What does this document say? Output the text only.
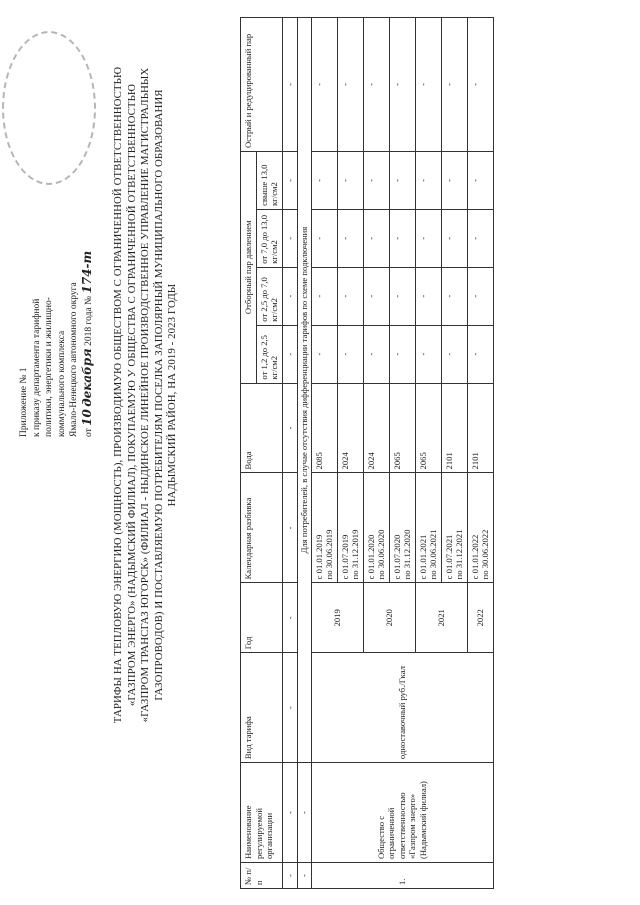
Приложение № 1 к приказу департамента тарифной политики, энергетики и жилищно- коммунального комплекса Ямало-Ненецкого автономного округа от 10 декабря 2018 года № 174-т ТАРИФЫ НА ТЕПЛОВУЮ ЭНЕРГИЮ (МОЩНОСТЬ), ПРОИЗВОДИМУЮ ОБЩЕСТВОМ С ОГРАНИЧЕННОЙ ОТВЕТСТВЕННОСТЬЮ «ГАЗПРОМ ЭНЕРГО» (НАДЫМСКИЙ ФИЛИАЛ), ПОКУПАЕМУЮ У ОБЩЕСТВА С ОГРАНИЧЕННОЙ ОТВЕТСТВЕННОСТЬЮ «ГАЗПРОМ ТРАНСГАЗ ЮГОРСК» (ФИЛИАЛ - НЫДИНСКОЕ ЛИНЕЙНОЕ ПРОИЗВОДСТВЕННОЕ УПРАВЛЕНИЕ МАГИСТРАЛЬНЫХ ГАЗОПРОВОДОВ) И ПОСТАВЛЯЕМУЮ ПОТРЕБИТЕЛЯМ ПОСЕЛКА ЗАПОЛЯРНЫЙ МУНИЦИПАЛЬНОГО ОБРАЗОВАНИЯ НАДЫМСКИЙ РАЙОН, НА 2019 - 2023 ГОДЫ
№ п/п	Наименование регулируемой организации	Вид тарифа	Год	Календарная разбивка	Вода	Отборный пар давлением				Острый и редуцированный пар
						от 1,2 до 2,5 кг/см2	от 2,5 до 7,0 кг/см2	от 7,0 до 13,0 кг/см2	свыше 13,0 кг/см2	
-	-	-	-	-	-	-	-	-	-	-
-	-	Для потребителей, в случае отсутствия дифференциации тарифов по схеме подключения								
1.	Общество с ограниченной ответственностью «Газпром энерго» (Надымский филиал)	одноставочный руб./Гкал	2019	с 01.01.2019 по 30.06.2019	2085	-	-	-	-	-

				с 01.07.2019 по 31.12.2019	2024	-	-	-	-	-
			2020	с 01.01.2020 по 30.06.2020	2024	-	-	-	-	-

				с 01.07.2020 по 31.12.2020	2065	-	-	-	-	-
			2021	с 01.01.2021 по 30.06.2021	2065	-	-	-	-	-

				с 01.07.2021 по 31.12.2021	2101	-	-	-	-	-
			2022	с 01.01.2022 по 30.06.2022	2101	-	-	-	-	-
